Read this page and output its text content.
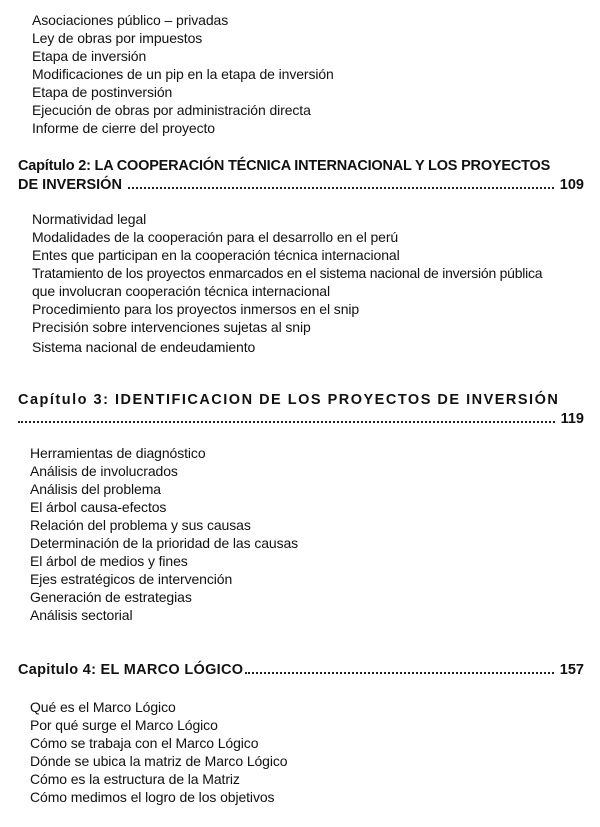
Asociaciones público – privadas
Ley de obras por impuestos
Etapa de inversión
Modificaciones de un pip en la etapa de inversión
Etapa de postinversión
Ejecución de obras por administración directa
Informe de cierre del proyecto
Capítulo 2: LA COOPERACIÓN TÉCNICA INTERNACIONAL Y LOS PROYECTOS
DE INVERSIÓN	109
Normatividad legal
Modalidades de la cooperación para el desarrollo en el perú
Entes que participan en la cooperación técnica internacional
Tratamiento de los proyectos enmarcados en el sistema nacional de inversión pública
que involucran cooperación técnica internacional
Procedimiento para los proyectos inmersos en el snip
Precisión sobre intervenciones sujetas al snip
Sistema nacional de endeudamiento
Capítulo 3: IDENTIFICACION DE LOS PROYECTOS DE INVERSIÓN
119
Herramientas de diagnóstico
Análisis de involucrados
Análisis del problema
El árbol causa-efectos
Relación del problema y sus causas
Determinación de la prioridad de las causas
El árbol de medios y fines
Ejes estratégicos de intervención
Generación de estrategias
Análisis sectorial
Capitulo 4: EL MARCO LÓGICO	157
Qué es el Marco Lógico
Por qué surge el Marco Lógico
Cómo se trabaja con el Marco Lógico
Dónde se ubica la matriz de Marco Lógico
Cómo es la estructura de la Matriz
Cómo medimos el logro de los objetivos
